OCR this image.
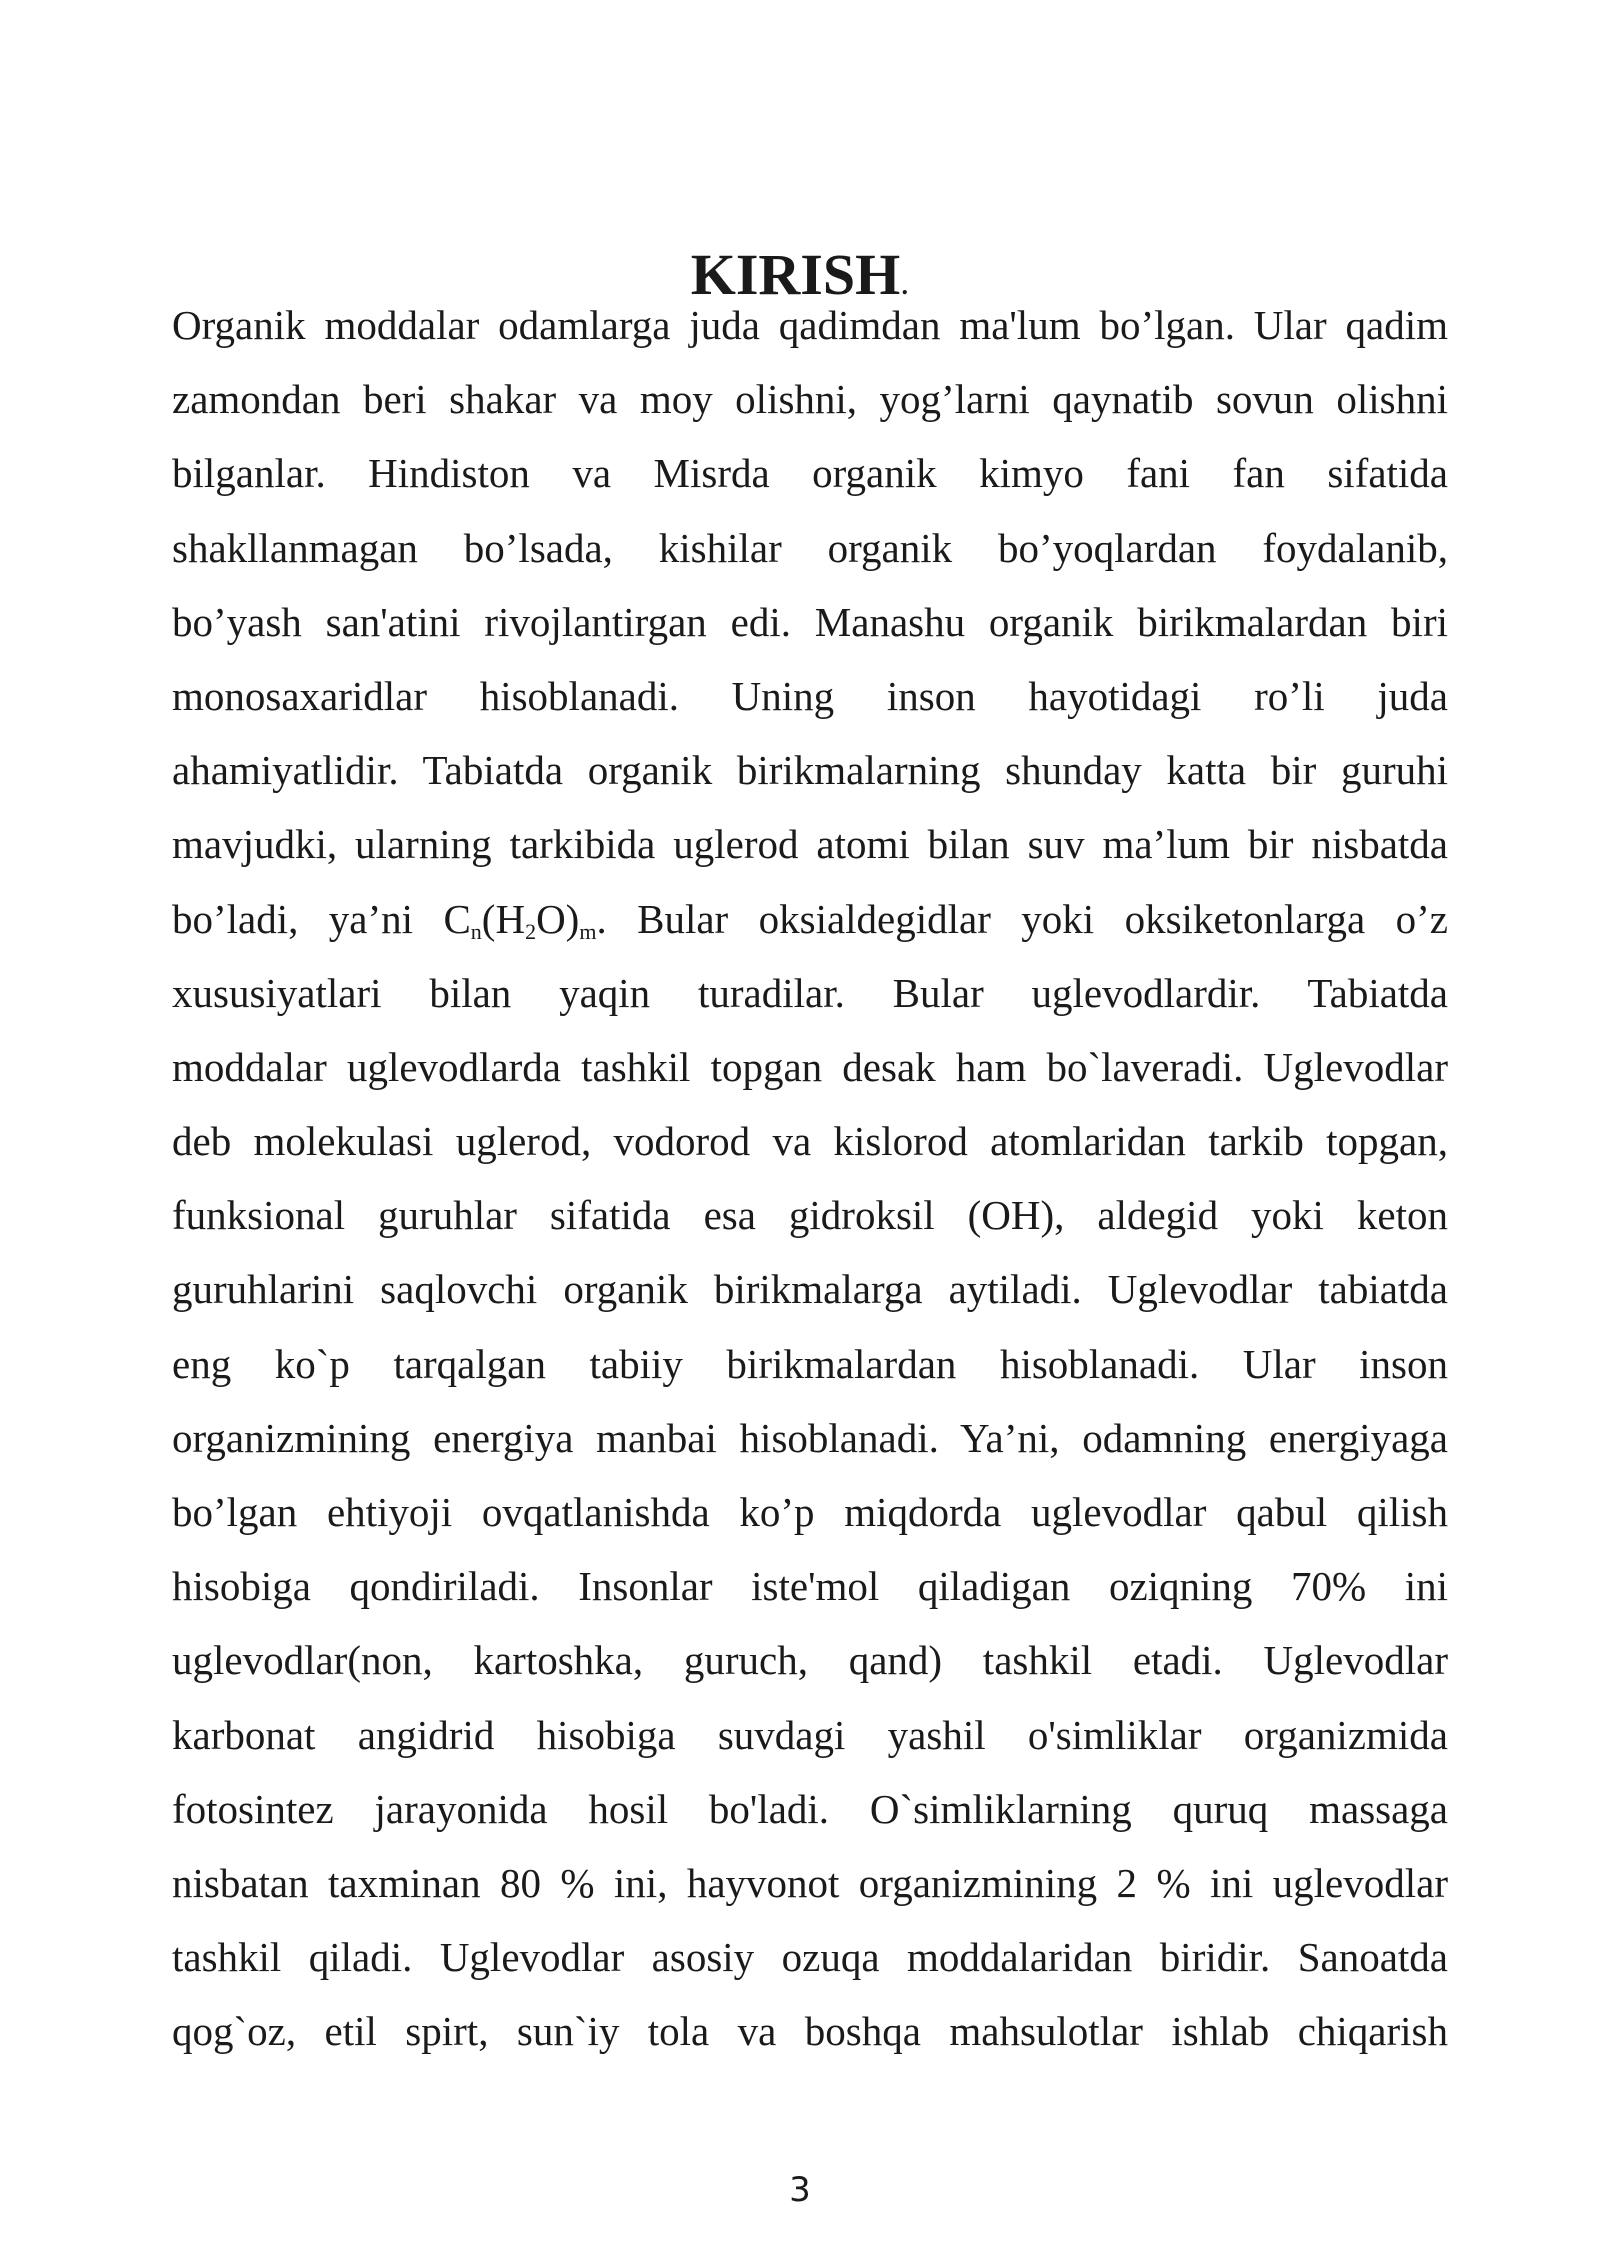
KIRISH.
Organik moddalar odamlarga juda qadimdan ma'lum bo’lgan. Ular qadim
zamondan beri shakar va moy olishni, yog’larni qaynatib sovun olishni
bilganlar. Hindiston va Misrda organik kimyo fani fan sifatida
shakllanmagan bo’lsada, kishilar organik bo’yoqlardan foydalanib,
bo’yash san'atini rivojlantirgan edi. Manashu organik birikmalardan biri
monosaxaridlar hisoblanadi. Uning inson hayotidagi ro’li juda
ahamiyatlidir. Tabiatda organik birikmalarning shunday katta bir guruhi
mavjudki, ularning tarkibida uglerod atomi bilan suv ma’lum bir nisbatda
bo’ladi, ya’ni $C_n(H_2O)_m$. Bular oksialdegidlar yoki oksiketonlarga o’z
xususiyatlari bilan yaqin turadilar. Bular uglevodlardir. Tabiatda
moddalar uglevodlarda tashkil topgan desak ham bo`laveradi. Uglevodlar
deb molekulasi uglerod, vodorod va kislorod atomlaridan tarkib topgan,
funksional guruhlar sifatida esa gidroksil (OH), aldegid yoki keton
guruhlarini saqlovchi organik birikmalarga aytiladi. Uglevodlar tabiatda
eng ko`p tarqalgan tabiiy birikmalardan hisoblanadi. Ular inson
organizmining energiya manbai hisoblanadi. Ya’ni, odamning energiyaga
bo’lgan ehtiyoji ovqatlanishda ko’p miqdorda uglevodlar qabul qilish
hisobiga qondiriladi. Insonlar iste'mol qiladigan oziqning 70% ini
uglevodlar(non, kartoshka, guruch, qand) tashkil etadi. Uglevodlar
karbonat angidrid hisobiga suvdagi yashil o'simliklar organizmida
fotosintez jarayonida hosil bo'ladi. O`simliklarning quruq massaga
nisbatan taxminan 80 % ini, hayvonot organizmining 2 % ini uglevodlar
tashkil qiladi. Uglevodlar asosiy ozuqa moddalaridan biridir. Sanoatda
qog`oz, etil spirt, sun`iy tola va boshqa mahsulotlar ishlab chiqarish
3
